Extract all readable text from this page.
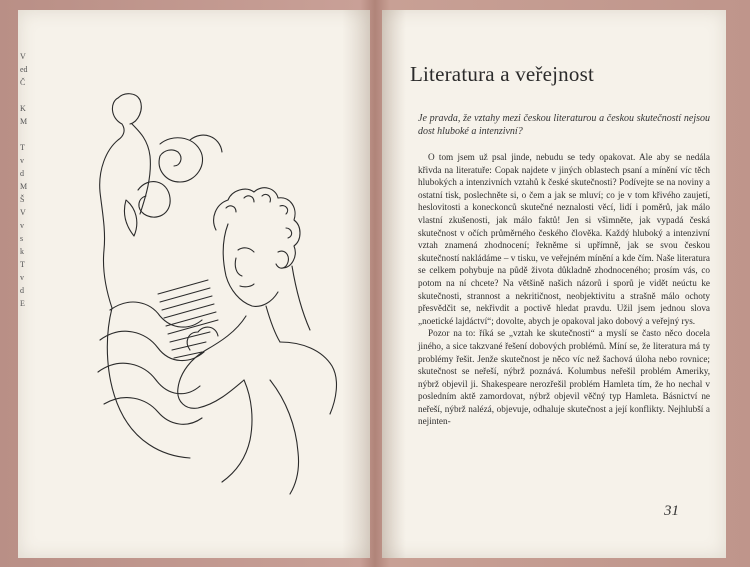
V
ed
Č
K
M
T
v
d
M
Š
V
v
s
k
T
v
d
E
Literatura a veřejnost
Je pravda, že vztahy mezi českou literaturou a českou skutečností nejsou dost hluboké a intenzivní?

O tom jsem už psal jinde, nebudu se tedy opakovat. Ale aby se nedála křivda na literatuře: Copak najdete v jiných oblastech psaní a mínění víc těch hlubokých a intenzivních vztahů k české skutečnosti? Podívejte se na noviny a ostatní tisk, poslechněte si, o čem a jak se mluví; co je v tom křivého zaujetí, heslovitosti a koneckonců skutečné neznalosti věcí, lidí i poměrů, jak málo vlastní zkušenosti, jak málo faktů! Jen si všimněte, jak vypadá česká skutečnost v očích průměrného českého člověka. Každý hluboký a intenzivní vztah znamená zhodnocení; řekněme si upřímně, jak se svou českou skutečností nakládáme – v tisku, ve veřejném mínění a kde čím. Naše literatura se celkem pohybuje na půdě života důkladně zhodnoceného; prosím vás, co potom na ní chcete? Na většině našich názorů i sporů je vidět neúctu ke skutečnosti, strannost a nekritičnost, neobjektivitu a strašně málo ochoty přesvědčit se, nekřivdit a poctivě hledat pravdu. Užil jsem jednou slova „noetické lajdáctví“; dovolte, abych je opakoval jako dobový a veřejný rys.

Pozor na to: říká se „vztah ke skutečnosti“ a myslí se často něco docela jiného, a sice takzvané řešení dobových problémů. Míní se, že literatura má ty problémy řešit. Jenže skutečnost je něco víc než šachová úloha nebo rovnice; skutečnost se neřeší, nýbrž poznává. Kolumbus neřešil problém Ameriky, nýbrž objevil ji. Shakespeare nerozřešil problém Hamleta tím, že ho nechal v posledním aktě zamordovat, nýbrž objevil věčný typ Hamleta. Básnictví ne neřeší, nýbrž nalézá, objevuje, odhaluje skutečnost a její konflikty. Nejhlubší a nejinten-

31
